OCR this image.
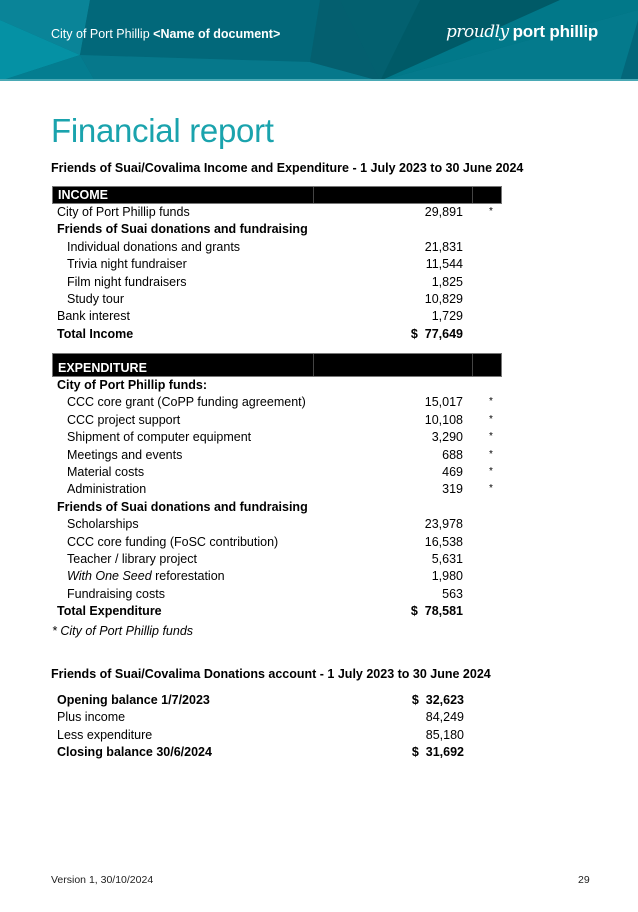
City of Port Phillip <Name of document>	proudly port phillip
Financial report
Friends of Suai/Covalima Income and Expenditure - 1 July 2023 to 30 June 2024
INCOME
City of Port Phillip funds	29,891	*
Friends of Suai donations and fundraising
Individual donations and grants	21,831
Trivia night fundraiser	11,544
Film night fundraisers	1,825
Study tour	10,829
Bank interest	1,729
Total Income	$  77,649
EXPENDITURE
City of Port Phillip funds:
CCC core grant (CoPP funding agreement)	15,017	*
CCC project support	10,108	*
Shipment of computer equipment	3,290	*
Meetings and events	688	*
Material costs	469	*
Administration	319	*
Friends of Suai donations and fundraising
Scholarships	23,978
CCC core funding (FoSC contribution)	16,538
Teacher / library project	5,631
With One Seed reforestation	1,980
Fundraising costs	563
Total Expenditure	$  78,581
* City of Port Phillip funds
Friends of Suai/Covalima Donations account - 1 July 2023 to 30 June 2024
Opening balance 1/7/2023	$  32,623
Plus income	84,249
Less expenditure	85,180
Closing balance 30/6/2024	$  31,692
Version 1, 30/10/2024	29
